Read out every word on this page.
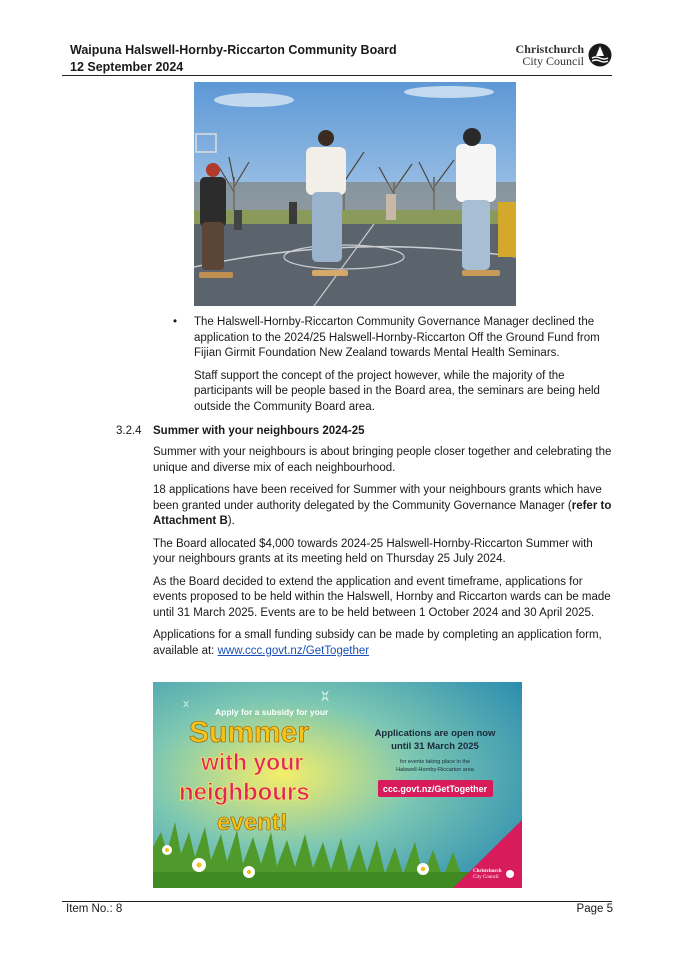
Waipuna Halswell-Hornby-Riccarton Community Board
12 September 2024
Christchurch
City Council
• The Halswell-Hornby-Riccarton Community Governance Manager declined the application to the 2024/25 Halswell-Hornby-Riccarton Off the Ground Fund from Fijian Girmit Foundation New Zealand towards Mental Health Seminars.

Staff support the concept of the project however, while the majority of the participants will be people based in the Board area, the seminars are being held outside the Community Board area.

3.2.4 Summer with your neighbours 2024-25

Summer with your neighbours is about bringing people closer together and celebrating the unique and diverse mix of each neighbourhood.

18 applications have been received for Summer with your neighbours grants which have been granted under authority delegated by the Community Governance Manager (refer to Attachment B).

The Board allocated $4,000 towards 2024-25 Halswell-Hornby-Riccarton Summer with your neighbours grants at its meeting held on Thursday 25 July 2024.

As the Board decided to extend the application and event timeframe, applications for events proposed to be held within the Halswell, Hornby and Riccarton wards can be made until 31 March 2025. Events are to be held between 1 October 2024 and 30 April 2025.

Applications for a small funding subsidy can be made by completing an application form, available at: www.ccc.govt.nz/GetTogether

Apply for a subsidy for your
Summer
with your
neighbours
event!
Applications are open now
until 31 March 2025
for events taking place in the
Halswell-Hornby-Riccarton area
ccc.govt.nz/GetTogether
Christchurch
City Council
Item No.: 8	Page 5
